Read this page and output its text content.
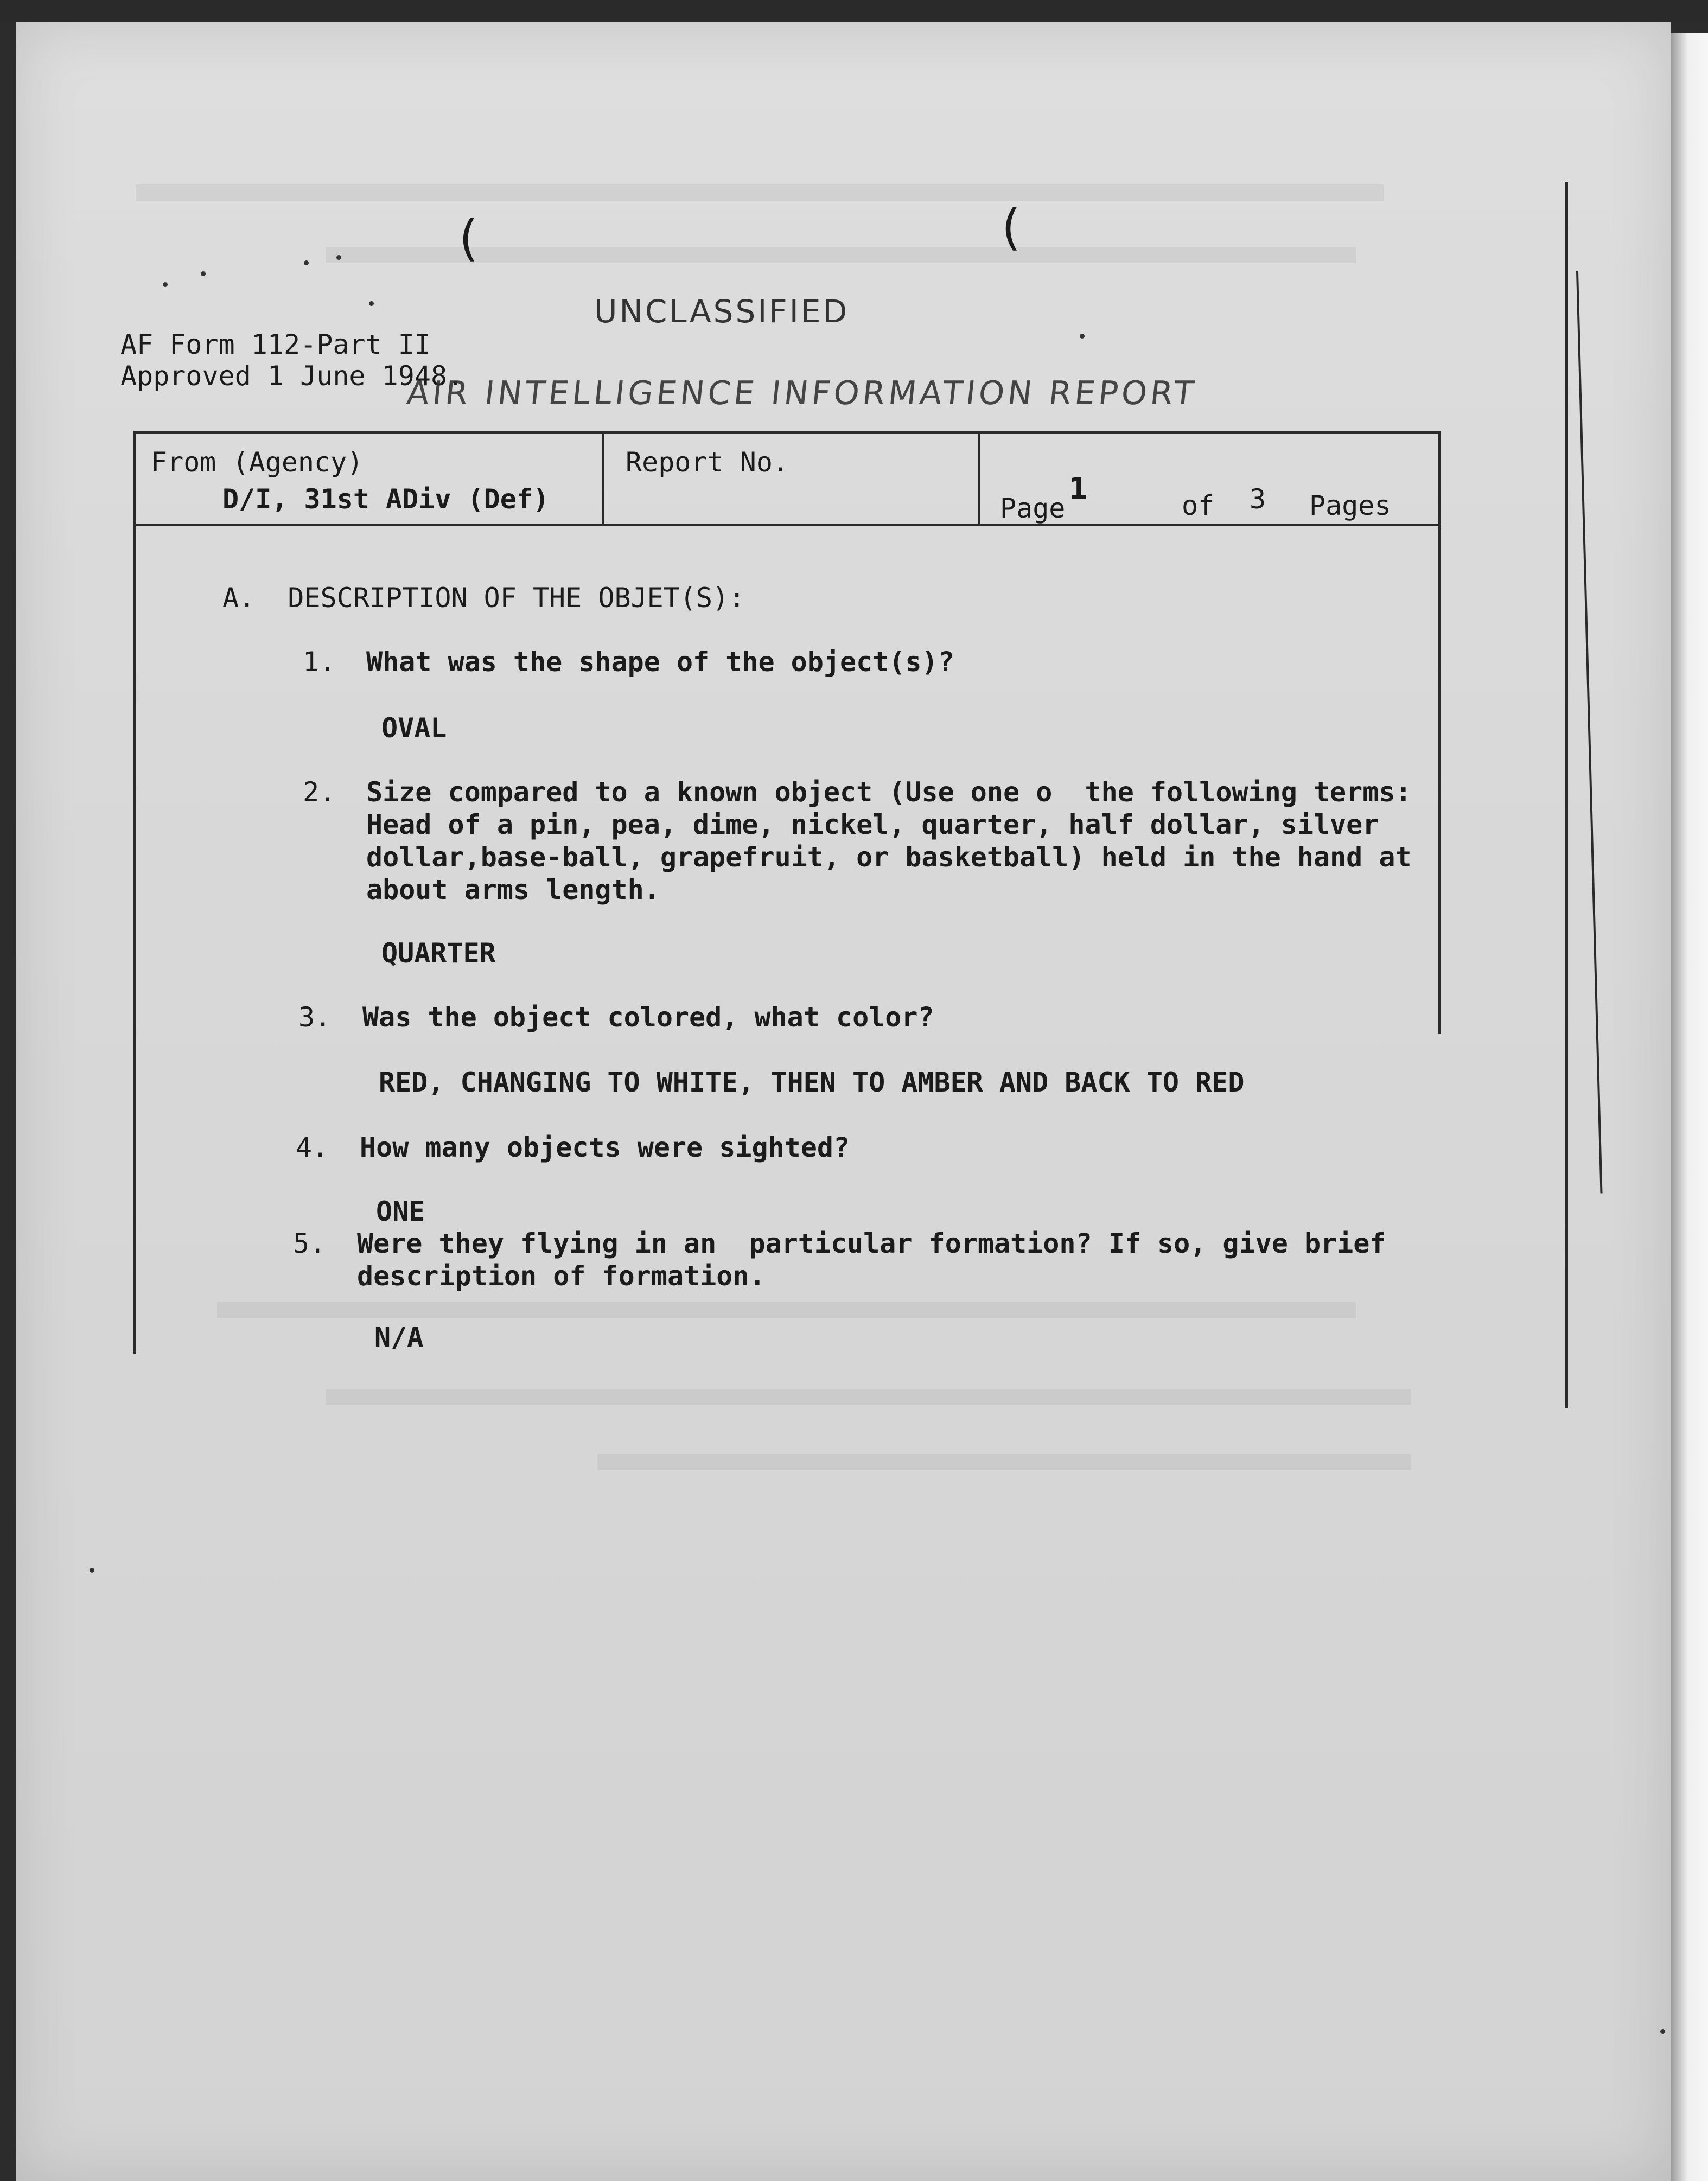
(	(
AF Form 112-Part II
Approved 1 June 1948.
UNCLASSIFIED
AIR INTELLIGENCE INFORMATION REPORT
From (Agency)
D/I, 31st ADiv (Def)
Report No.
Page
1	of 3 Pages
A.  DESCRIPTION OF THE OBJET(S):
1. What was the shape of the object(s)?
OVAL
2. Size compared to a known object (Use one o  the following terms:
Head of a pin, pea, dime, nickel, quarter, half dollar, silver
dollar,base-ball, grapefruit, or basketball) held in the hand at
about arms length.
QUARTER
3. Was the object colored, what color?
RED, CHANGING TO WHITE, THEN TO AMBER AND BACK TO RED
4. How many objects were sighted?
ONE
5. Were they flying in an  particular formation? If so, give brief
description of formation.
N/A
